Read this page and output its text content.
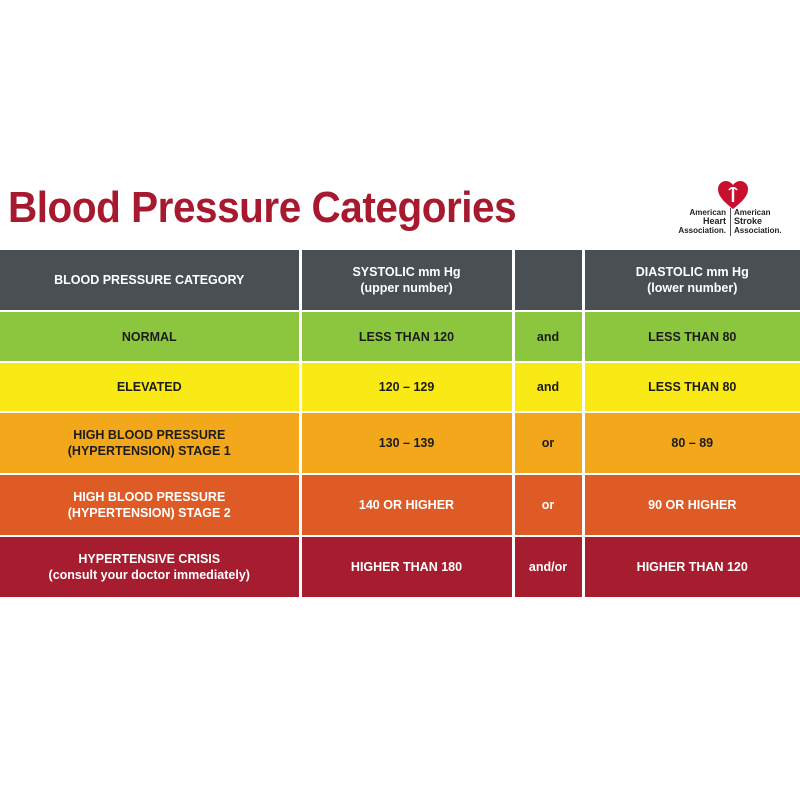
Blood Pressure Categories	American
Heart
Association.
American
Stroke
Association.
BLOOD PRESSURE CATEGORY	SYSTOLIC mm Hg
(upper number)		DIASTOLIC mm Hg
(lower number)

NORMAL	LESS THAN 120	and	LESS THAN 80

ELEVATED	120 – 129	and	LESS THAN 80

HIGH BLOOD PRESSURE
(HYPERTENSION) STAGE 1	130 – 139	or	80 – 89

HIGH BLOOD PRESSURE
(HYPERTENSION) STAGE 2	140 OR HIGHER	or	90 OR HIGHER

HYPERTENSIVE CRISIS
(consult your doctor immediately)	HIGHER THAN 180	and/or	HIGHER THAN 120
